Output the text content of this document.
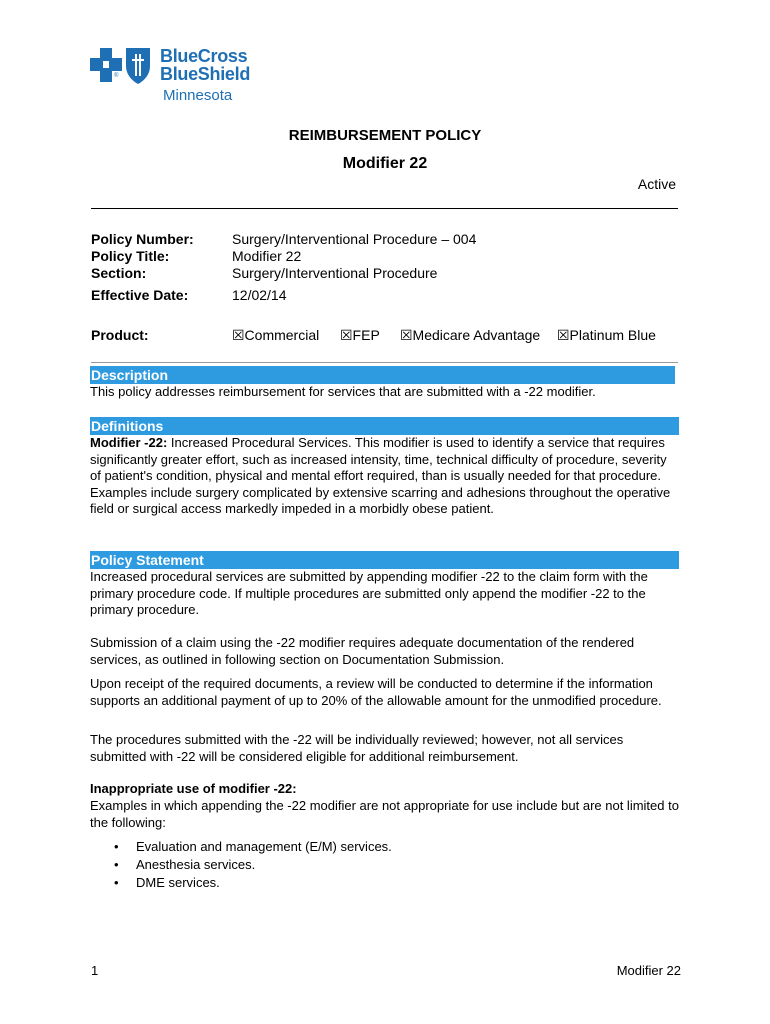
®
BlueCross
BlueShield
Minnesota
REIMBURSEMENT POLICY
Modifier 22
Active
Policy Number:	Surgery/Interventional Procedure – 004
Policy Title:	Modifier 22
Section:	Surgery/Interventional Procedure
Effective Date:	12/02/14
Product:	☒Commercial ☒FEP ☒Medicare Advantage ☒Platinum Blue
Description

This policy addresses reimbursement for services that are submitted with a -22 modifier.

Definitions

Modifier -22: Increased Procedural Services. This modifier is used to identify a service that requires significantly greater effort, such as increased intensity, time, technical difficulty of procedure, severity of patient's condition, physical and mental effort required, than is usually needed for that procedure. Examples include surgery complicated by extensive scarring and adhesions throughout the operative field or surgical access markedly impeded in a morbidly obese patient.

Policy Statement

Increased procedural services are submitted by appending modifier -22 to the claim form with the primary procedure code. If multiple procedures are submitted only append the modifier -22 to the primary procedure.

Submission of a claim using the -22 modifier requires adequate documentation of the rendered services, as outlined in following section on Documentation Submission.

Upon receipt of the required documents, a review will be conducted to determine if the information supports an additional payment of up to 20% of the allowable amount for the unmodified procedure.

The procedures submitted with the -22 will be individually reviewed; however, not all services submitted with -22 will be considered eligible for additional reimbursement.

Inappropriate use of modifier -22:

Examples in which appending the -22 modifier are not appropriate for use include but are not limited to the following:

• Evaluation and management (E/M) services.
• Anesthesia services.
• DME services.
1	Modifier 22
